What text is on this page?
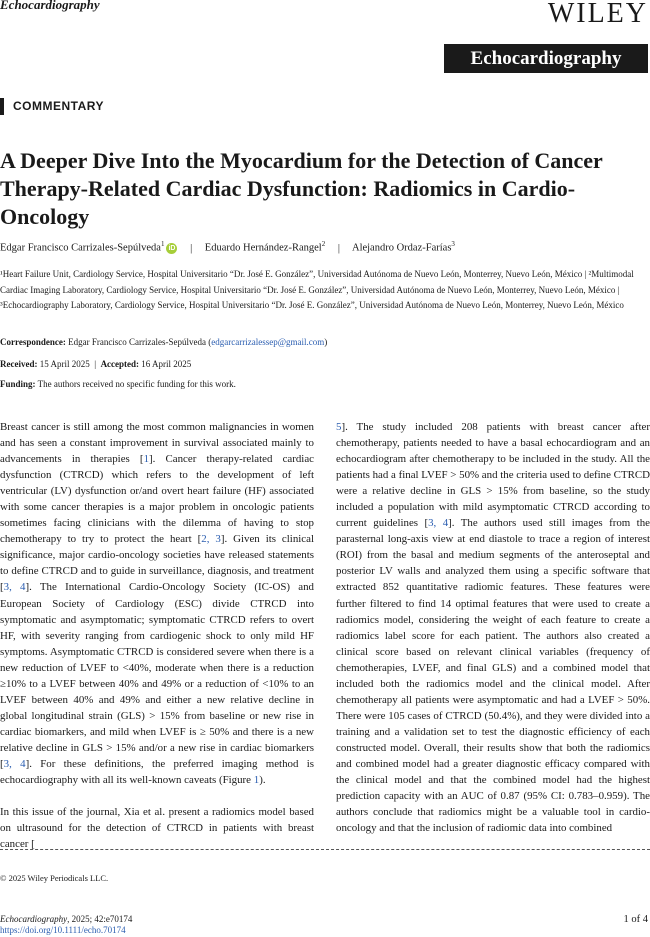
Echocardiography	WILEY
Echocardiography
COMMENTARY
A Deeper Dive Into the Myocardium for the Detection of Cancer Therapy-Related Cardiac Dysfunction: Radiomics in Cardio-Oncology
Edgar Francisco Carrizales-Sepúlveda$^1$ iD | Eduardo Hernández-Rangel$^2$ | Alejandro Ordaz-Farías$^3$

¹Heart Failure Unit, Cardiology Service, Hospital Universitario “Dr. José E. González”, Universidad Autónoma de Nuevo León, Monterrey, Nuevo León, México | ²Multimodal Cardiac Imaging Laboratory, Cardiology Service, Hospital Universitario “Dr. José E. González”, Universidad Autónoma de Nuevo León, Monterrey, Nuevo León, México | ³Echocardiography Laboratory, Cardiology Service, Hospital Universitario “Dr. José E. González”, Universidad Autónoma de Nuevo León, Monterrey, Nuevo León, México

Correspondence: Edgar Francisco Carrizales-Sepúlveda (edgarcarrizalessep@gmail.com)
Received: 15 April 2025  |  Accepted: 16 April 2025
Funding: The authors received no specific funding for this work.

Breast cancer is still among the most common malignancies in women and has seen a constant improvement in survival associated mainly to advancements in therapies [1]. Cancer therapy-related cardiac dysfunction (CTRCD) which refers to the development of left ventricular (LV) dysfunction or/and overt heart failure (HF) associated with some cancer therapies is a major problem in oncologic patients sometimes facing clinicians with the dilemma of having to stop chemotherapy to try to protect the heart [2, 3]. Given its clinical significance, major cardio-oncology societies have released statements to define CTRCD and to guide in surveillance, diagnosis, and treatment [3, 4]. The International Cardio-Oncology Society (IC-OS) and European Society of Cardiology (ESC) divide CTRCD into symptomatic and asymptomatic; symptomatic CTRCD refers to overt HF, with severity ranging from cardiogenic shock to only mild HF symptoms. Asymptomatic CTRCD is considered severe when there is a new reduction of LVEF to <40%, moderate when there is a reduction ≥10% to a LVEF between 40% and 49% or a reduction of <10% to an LVEF between 40% and 49% and either a new relative decline in global longitudinal strain (GLS) > 15% from baseline or new rise in cardiac biomarkers, and mild when LVEF is ≥ 50% and there is a new relative decline in GLS > 15% and/or a new rise in cardiac biomarkers [3, 4]. For these definitions, the preferred imaging method is echocardiography with all its well-known caveats (Figure 1).

In this issue of the journal, Xia et al. present a radiomics model based on ultrasound for the detection of CTRCD in patients with breast cancer [

5]. The study included 208 patients with breast cancer after chemotherapy, patients needed to have a basal echocardiogram and an echocardiogram after chemotherapy to be included in the study. All the patients had a final LVEF > 50% and the criteria used to define CTRCD were a relative decline in GLS > 15% from baseline, so the study included a population with mild asymptomatic CTRCD according to current guidelines [3, 4]. The authors used still images from the parasternal long-axis view at end diastole to trace a region of interest (ROI) from the basal and medium segments of the anteroseptal and posterior LV walls and analyzed them using a specific software that extracted 852 quantitative radiomic features. These features were further filtered to find 14 optimal features that were used to create a radiomics model, considering the weight of each feature to create a radiomics label score for each patient. The authors also created a clinical score based on relevant clinical variables (frequency of chemotherapies, LVEF, and final GLS) and a combined model that included both the radiomics model and the clinical model. After chemotherapy all patients were asymptomatic and had a LVEF > 50%. There were 105 cases of CTRCD (50.4%), and they were divided into a training and a validation set to test the diagnostic efficiency of each constructed model. Overall, their results show that both the radiomics and combined model had a greater diagnostic efficacy compared with the clinical model and that the combined model had the highest prediction capacity with an AUC of 0.87 (95% CI: 0.783–0.959). The authors conclude that radiomics might be a valuable tool in cardio-oncology and that the inclusion of radiomic data into combined

© 2025 Wiley Periodicals LLC.
Echocardiography, 2025; 42:e70174
https://doi.org/10.1111/echo.70174
1 of 4
